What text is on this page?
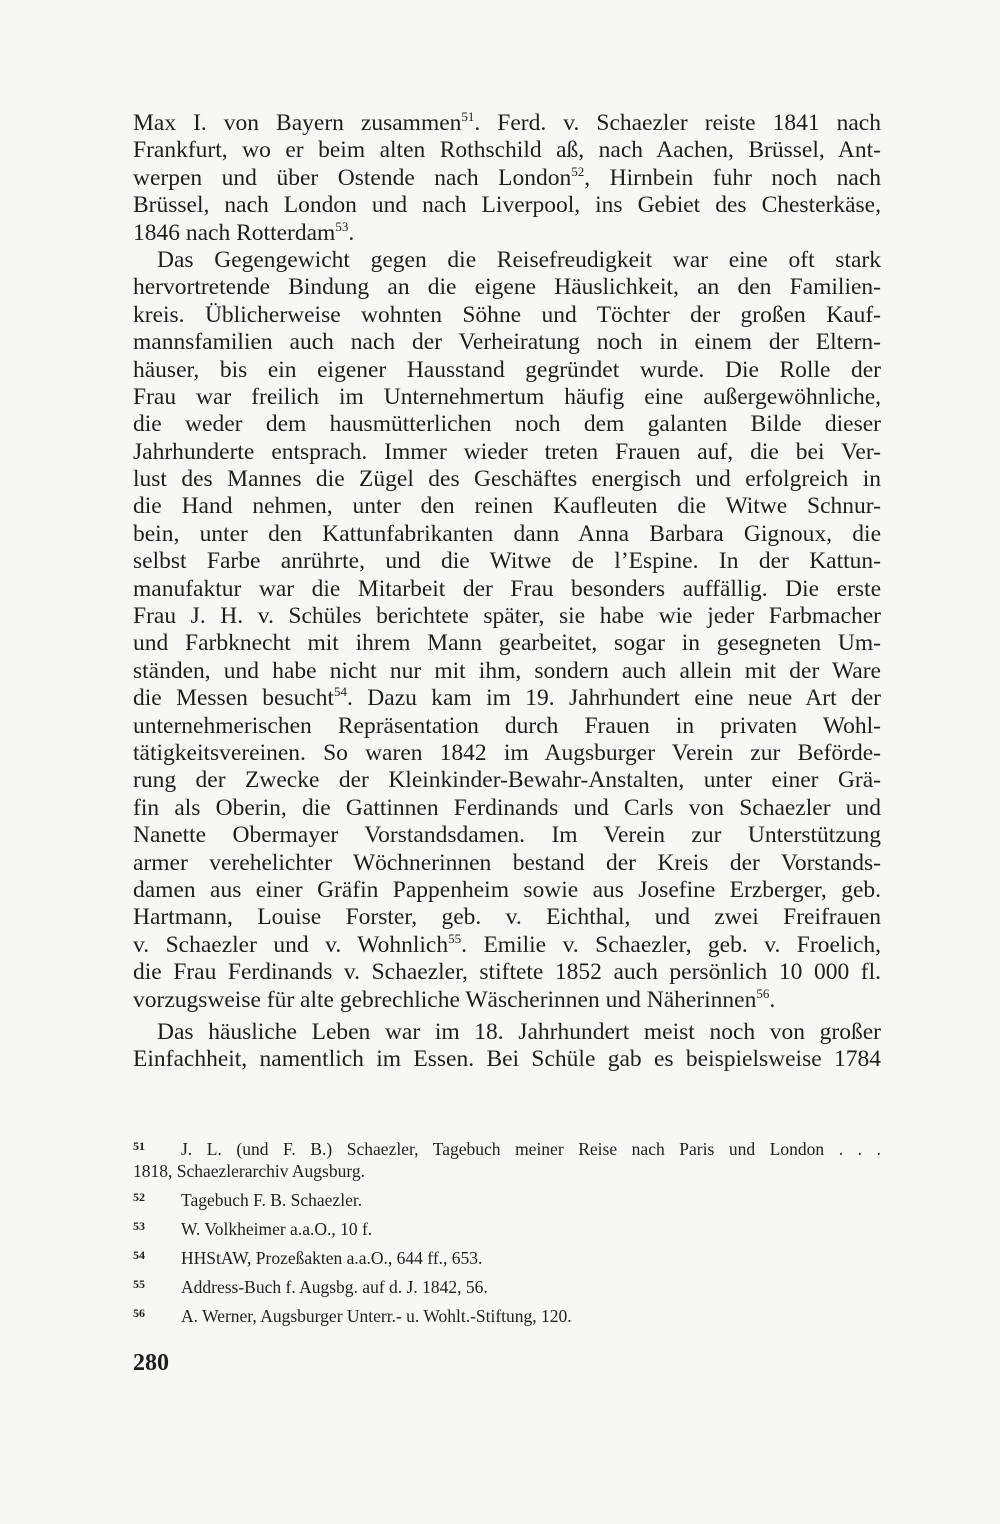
Max I. von Bayern zusammen$^{51}$. Ferd. v. Schaezler reiste 1841 nach
Frankfurt, wo er beim alten Rothschild aß, nach Aachen, Brüssel, Ant-
werpen und über Ostende nach London$^{52}$, Hirnbein fuhr noch nach
Brüssel, nach London und nach Liverpool, ins Gebiet des Chesterkäse,
1846 nach Rotterdam$^{53}$.
Das Gegengewicht gegen die Reisefreudigkeit war eine oft stark
hervortretende Bindung an die eigene Häuslichkeit, an den Familien-
kreis. Üblicherweise wohnten Söhne und Töchter der großen Kauf-
mannsfamilien auch nach der Verheiratung noch in einem der Eltern-
häuser, bis ein eigener Hausstand gegründet wurde. Die Rolle der
Frau war freilich im Unternehmertum häufig eine außergewöhnliche,
die weder dem hausmütterlichen noch dem galanten Bilde dieser
Jahrhunderte entsprach. Immer wieder treten Frauen auf, die bei Ver-
lust des Mannes die Zügel des Geschäftes energisch und erfolgreich in
die Hand nehmen, unter den reinen Kaufleuten die Witwe Schnur-
bein, unter den Kattunfabrikanten dann Anna Barbara Gignoux, die
selbst Farbe anrührte, und die Witwe de l’Espine. In der Kattun-
manufaktur war die Mitarbeit der Frau besonders auffällig. Die erste
Frau J. H. v. Schüles berichtete später, sie habe wie jeder Farbmacher
und Farbknecht mit ihrem Mann gearbeitet, sogar in gesegneten Um-
ständen, und habe nicht nur mit ihm, sondern auch allein mit der Ware
die Messen besucht$^{54}$. Dazu kam im 19. Jahrhundert eine neue Art der
unternehmerischen Repräsentation durch Frauen in privaten Wohl-
tätigkeitsvereinen. So waren 1842 im Augsburger Verein zur Beförde-
rung der Zwecke der Kleinkinder-Bewahr-Anstalten, unter einer Grä-
fin als Oberin, die Gattinnen Ferdinands und Carls von Schaezler und
Nanette Obermayer Vorstandsdamen. Im Verein zur Unterstützung
armer verehelichter Wöchnerinnen bestand der Kreis der Vorstands-
damen aus einer Gräfin Pappenheim sowie aus Josefine Erzberger, geb.
Hartmann, Louise Forster, geb. v. Eichthal, und zwei Freifrauen
v. Schaezler und v. Wohnlich$^{55}$. Emilie v. Schaezler, geb. v. Froelich,
die Frau Ferdinands v. Schaezler, stiftete 1852 auch persönlich 10 000 fl.
vorzugsweise für alte gebrechliche Wäscherinnen und Näherinnen$^{56}$.
Das häusliche Leben war im 18. Jahrhundert meist noch von großer
Einfachheit, namentlich im Essen. Bei Schüle gab es beispielsweise 1784
51 J. L. (und F. B.) Schaezler, Tagebuch meiner Reise nach Paris und London . . .
1818, Schaezlerarchiv Augsburg.
52 Tagebuch F. B. Schaezler.
53 W. Volkheimer a.a.O., 10 f.
54 HHStAW, Prozeßakten a.a.O., 644 ff., 653.
55 Address-Buch f. Augsbg. auf d. J. 1842, 56.
56 A. Werner, Augsburger Unterr.- u. Wohlt.-Stiftung, 120.
280
